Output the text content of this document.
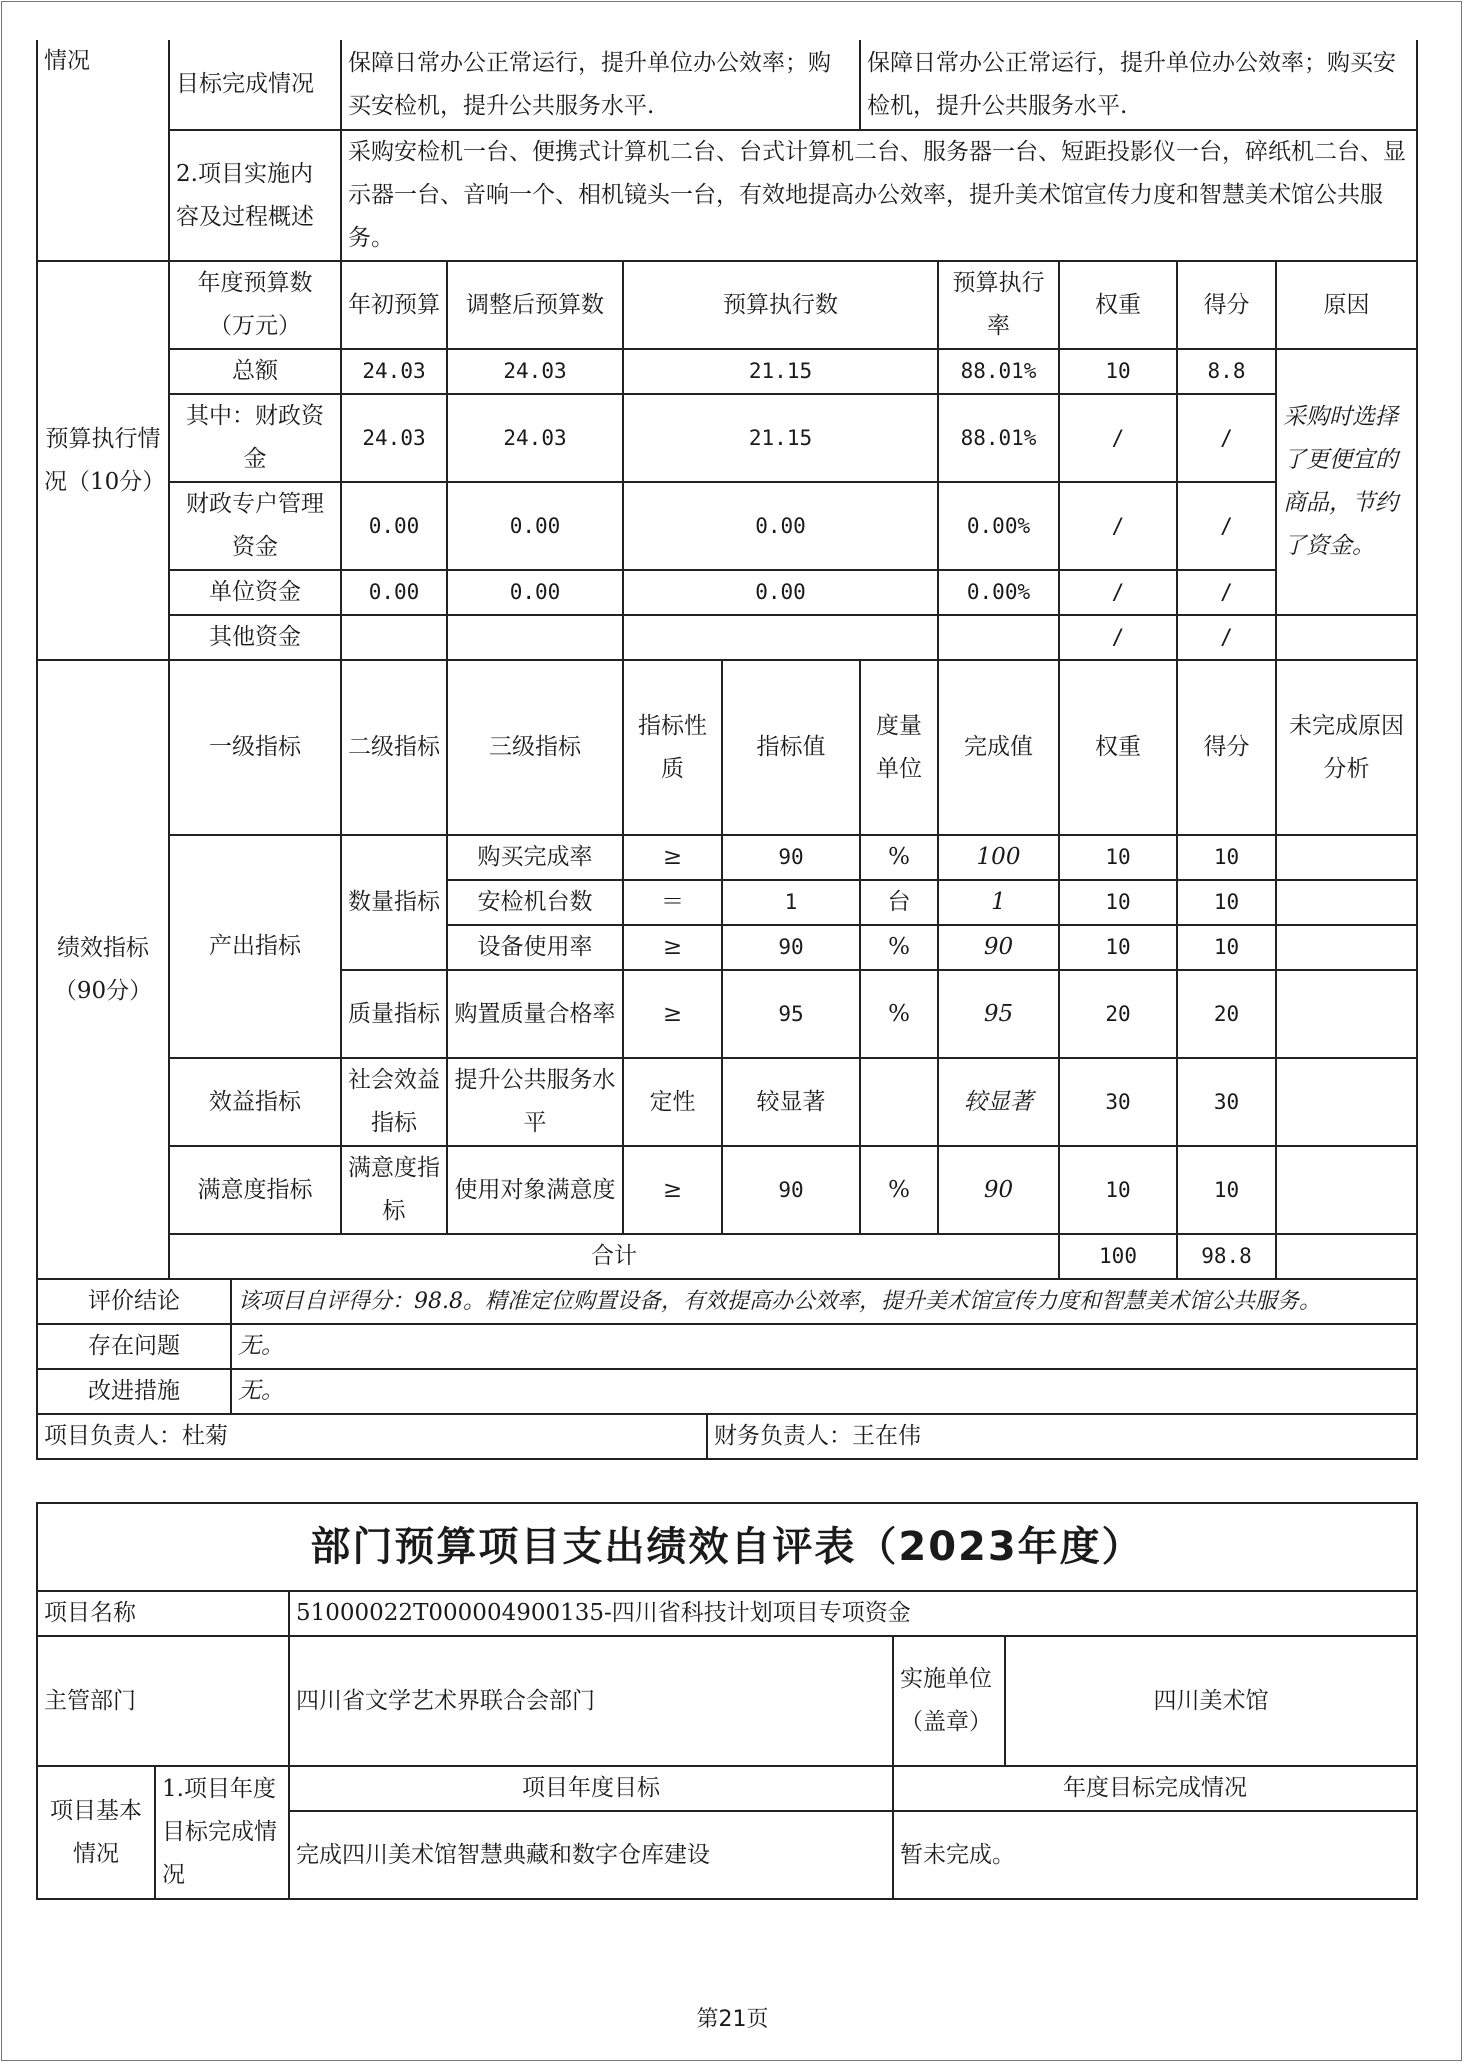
情况	目标完成情况	保障日常办公正常运行，提升单位办公效率；购买安检机，提升公共服务水平.				保障日常办公正常运行，提升单位办公效率；购买安检机，提升公共服务水平.				
	2.项目实施内容及过程概述	采购安检机一台、便携式计算机二台、台式计算机二台、服务器一台、短距投影仪一台，碎纸机二台、显示器一台、音响一个、相机镜头一台，有效地提高办公效率，提升美术馆宣传力度和智慧美术馆公共服务。								
预算执行情况（10分）	年度预算数（万元）	年初预算	调整后预算数	预算执行数			预算执行率	权重	得分	原因
	总额	24.03	24.03	21.15			88.01%	10	8.8	采购时选择了更便宜的商品，节约了资金。
	其中：财政资金	24.03	24.03	21.15			88.01%	/	/	
	财政专户管理资金	0.00	0.00	0.00			0.00%	/	/	
	单位资金	0.00	0.00	0.00			0.00%	/	/	
	其他资金							/	/	
绩效指标（90分）	一级指标	二级指标	三级指标	指标性质	指标值	度量单位	完成值	权重	得分	未完成原因分析
	产出指标	数量指标	购买完成率	≥	90	%	100	10	10	
			安检机台数	＝	1	台	1	10	10	
			设备使用率	≥	90	%	90	10	10	
		质量指标	购置质量合格率	≥	95	%	95	20	20	
	效益指标	社会效益指标	提升公共服务水平	定性	较显著		较显著	30	30	
	满意度指标	满意度指标	使用对象满意度	≥	90	%	90	10	10	
	合计							100	98.8	
评价结论	该项目自评得分：98.8。精准定位购置设备，有效提高办公效率，提升美术馆宣传力度和智慧美术馆公共服务。	
存在问题	无。	
改进措施	无。	
项目负责人：杜菊		财务负责人：王在伟
部门预算项目支出绩效自评表（2023年度）				
项目名称		51000022T000004900135-四川省科技计划项目专项资金		
主管部门		四川省文学艺术界联合会部门	实施单位（盖章）	四川美术馆
项目基本情况	1.项目年度目标完成情况	项目年度目标	年度目标完成情况	
		完成四川美术馆智慧典藏和数字仓库建设	暂未完成。	
第21页
